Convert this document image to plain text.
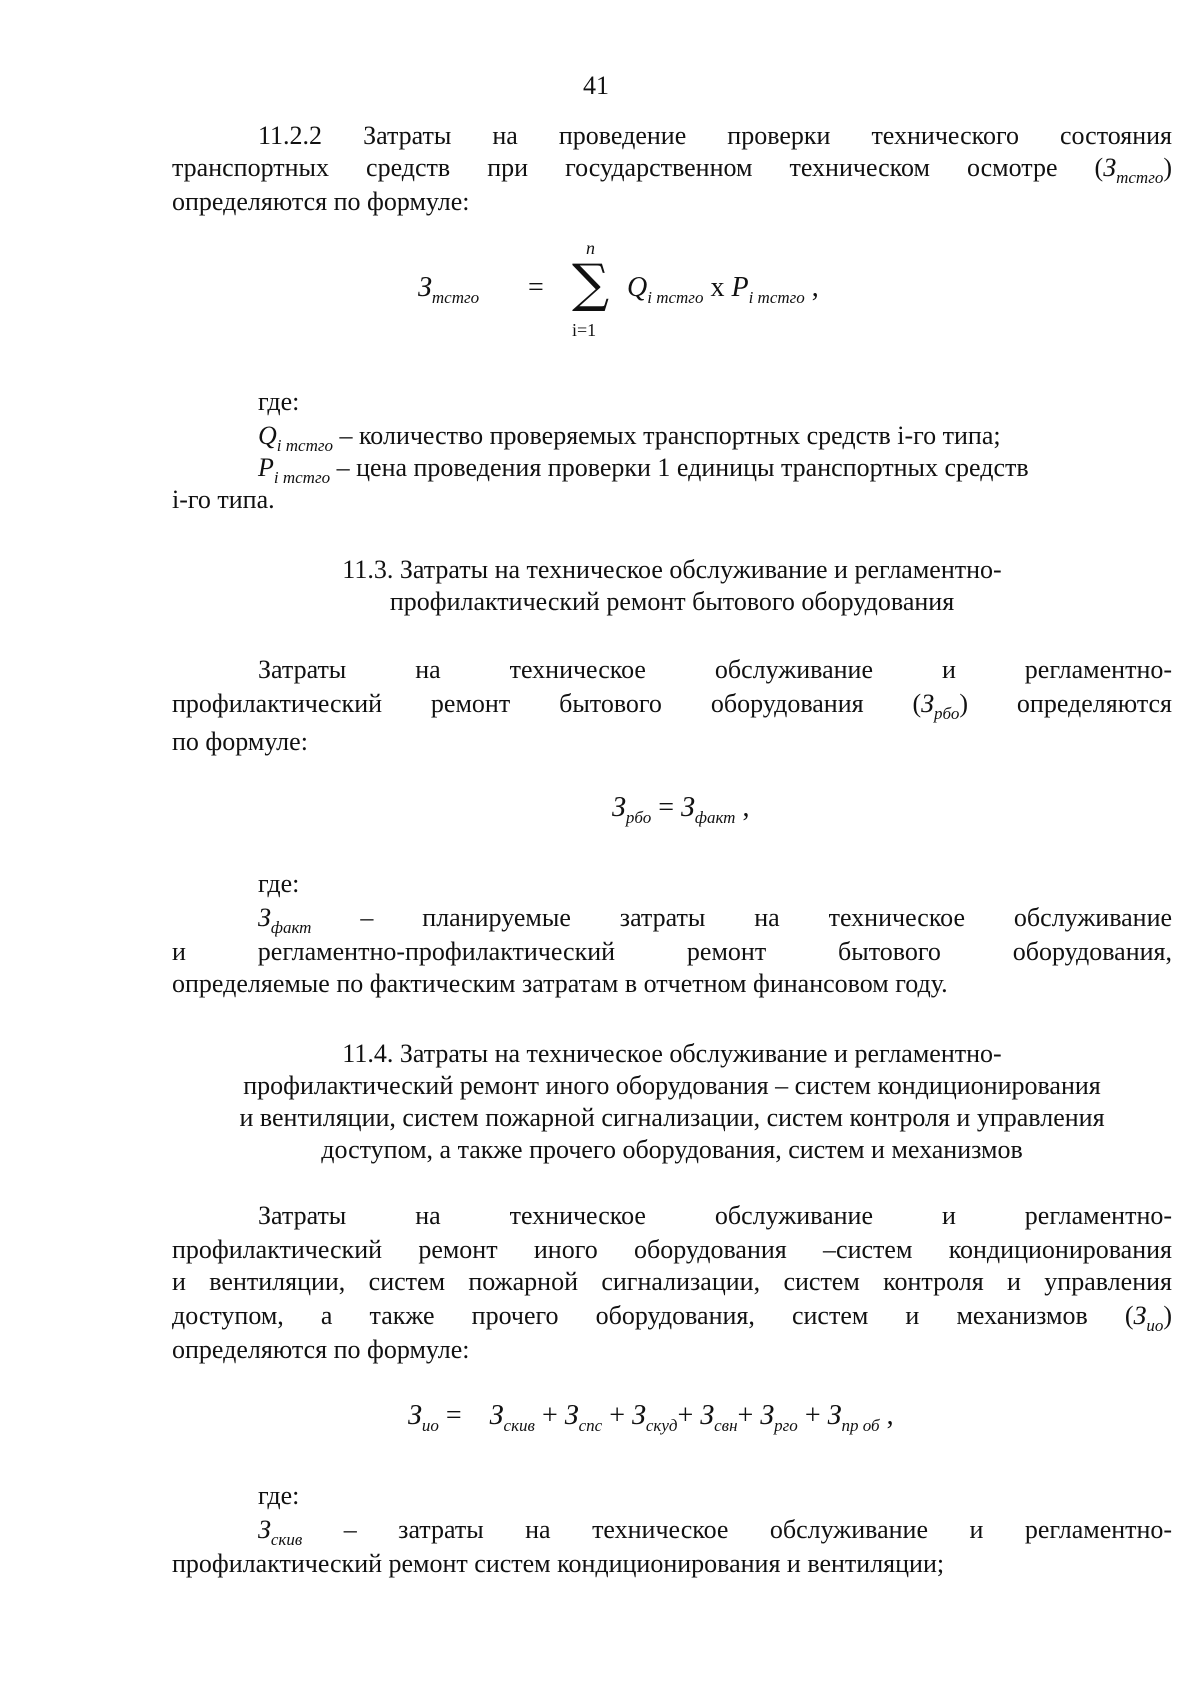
41
11.2.2 Затраты на проведение проверки технического состояния
транспортных средств при государственном техническом осмотре $(З_{тстго})$
определяются по формуле:
$З_{тстго}$ =
n
∑
i=1
$Q_{i тстго}$ x $P_{i тстго}$ ,
где:
$Q_{i тстго}$ – количество проверяемых транспортных средств i-го типа;
$P_{i тстго}$ – цена проведения проверки 1 единицы транспортных средств
i-го типа.
11.3. Затраты на техническое обслуживание и регламентно-
профилактический ремонт бытового оборудования
Затраты	на	техническое	обслуживание	и	регламентно-
профилактический ремонт бытового оборудования $(З_{рбо})$ определяются
по формуле:
$З_{рбо} = З_{факт}$ ,
где:
$З_{факт}$ – планируемые затраты на техническое обслуживание
и	регламентно-профилактический	ремонт	бытового	оборудования,
определяемые по фактическим затратам в отчетном финансовом году.
11.4. Затраты на техническое обслуживание и регламентно-
профилактический ремонт иного оборудования – систем кондиционирования
и вентиляции, систем пожарной сигнализации, систем контроля и управления
доступом, а также прочего оборудования, систем и механизмов
Затраты	на	техническое	обслуживание	и	регламентно-
профилактический ремонт иного оборудования –систем кондиционирования
и вентиляции, систем пожарной сигнализации, систем контроля и управления
доступом, а также прочего оборудования, систем и механизмов $(З_{ио})$
определяются по формуле:
$З_{ио} = З_{скив} + З_{спс} + З_{скуд}+ З_{свн}+ З_{рго} + З_{пр об}$ ,
где:
$З_{скив}$ – затраты на техническое обслуживание и регламентно-
профилактический ремонт систем кондиционирования и вентиляции;
